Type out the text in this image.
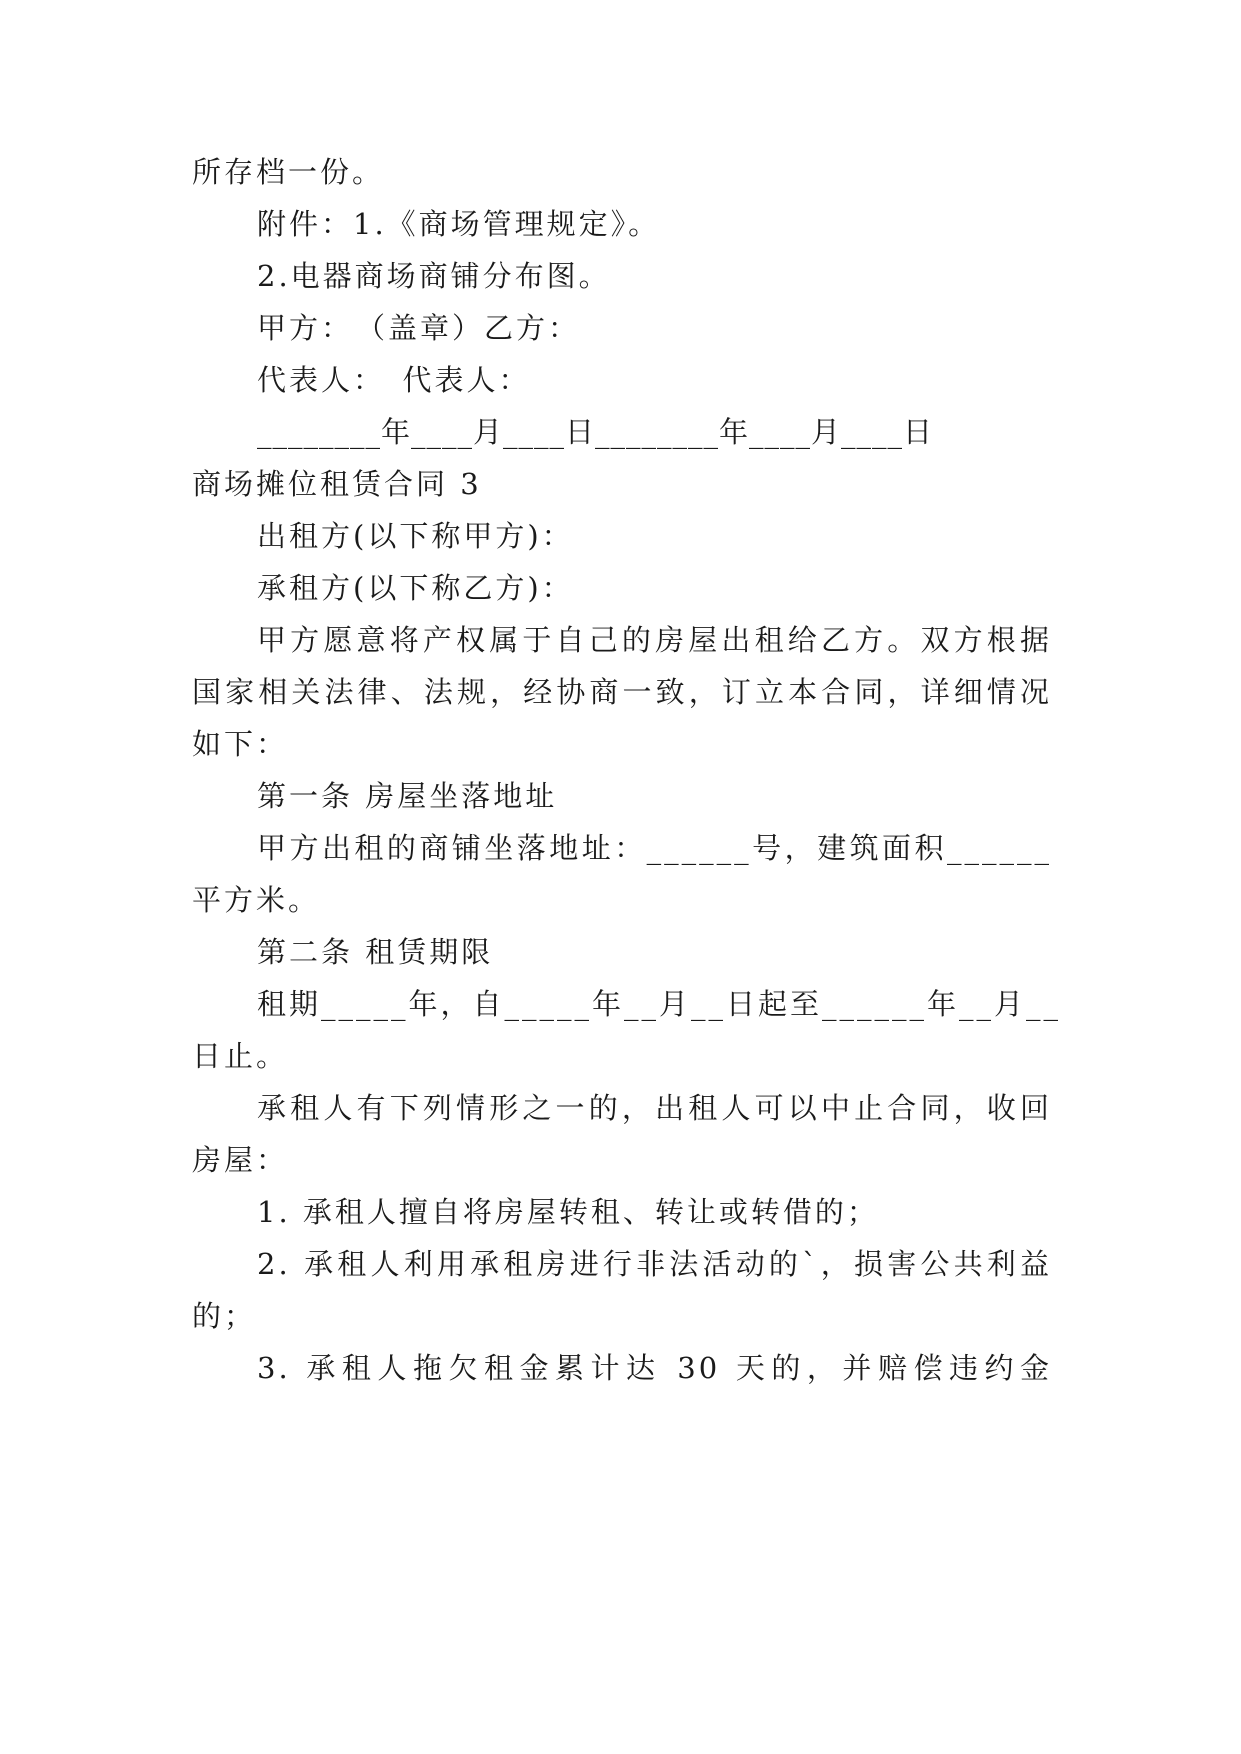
所存档一份。
附件：1.《商场管理规定》。
2.电器商场商铺分布图。
甲方：　（盖章）乙方：
代表人：　代表人：
________年____月____日________年____月____日
商场摊位租赁合同 3
出租方(以下称甲方)：
承租方(以下称乙方)：
甲方愿意将产权属于自己的房屋出租给乙方。双方根据
国家相关法律、法规，经协商一致，订立本合同，详细情况
如下：
第一条 房屋坐落地址
甲方出租的商铺坐落地址：______号，建筑面积______
平方米。
第二条 租赁期限
租期_____年，自_____年__月__日起至______年__月__
日止。
承租人有下列情形之一的，出租人可以中止合同，收回
房屋：
1. 承租人擅自将房屋转租、转让或转借的；
2. 承租人利用承租房进行非法活动的`，损害公共利益
的；
3. 承租人拖欠租金累计达 30 天的，并赔偿违约金
